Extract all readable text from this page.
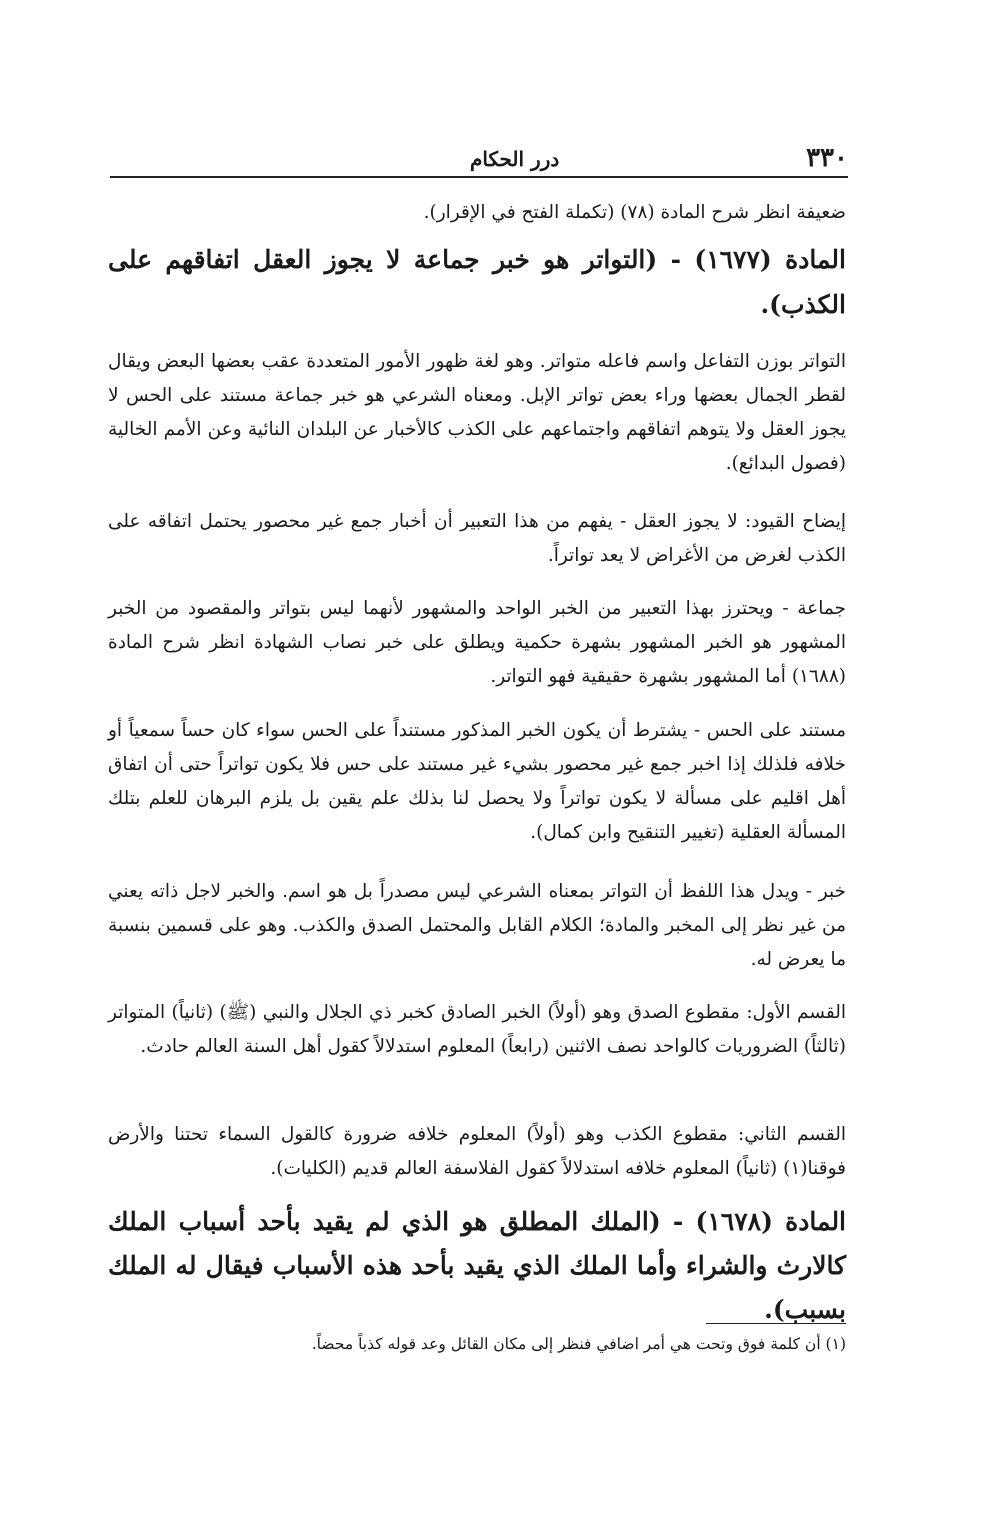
٣٣٠
درر الحكام

ضعيفة انظر شرح المادة (٧٨) (تكملة الفتح في الإقرار).

المادة (١٦٧٧) - (التواتر هو خبر جماعة لا يجوز العقل اتفاقهم على الكذب).

التواتر بوزن التفاعل واسم فاعله متواتر. وهو لغة ظهور الأمور المتعددة عقب بعضها البعض ويقال لقطر الجمال بعضها وراء بعض تواتر الإبل. ومعناه الشرعي هو خبر جماعة مستند على الحس لا يجوز العقل ولا يتوهم اتفاقهم واجتماعهم على الكذب كالأخبار عن البلدان النائية وعن الأمم الخالية (فصول البدائع).

إيضاح القيود: لا يجوز العقل - يفهم من هذا التعبير أن أخبار جمع غير محصور يحتمل اتفاقه على الكذب لغرض من الأغراض لا يعد تواتراً.

جماعة - ويحترز بهذا التعبير من الخبر الواحد والمشهور لأنهما ليس بتواتر والمقصود من الخبر المشهور هو الخبر المشهور بشهرة حكمية ويطلق على خبر نصاب الشهادة انظر شرح المادة (١٦٨٨) أما المشهور بشهرة حقيقية فهو التواتر.

مستند على الحس - يشترط أن يكون الخبر المذكور مستنداً على الحس سواء كان حساً سمعياً أو خلافه فلذلك إذا اخبر جمع غير محصور بشيء غير مستند على حس فلا يكون تواتراً حتى أن اتفاق أهل اقليم على مسألة لا يكون تواتراً ولا يحصل لنا بذلك علم يقين بل يلزم البرهان للعلم بتلك المسألة العقلية (تغيير التنقيح وابن كمال).

خبر - ويدل هذا اللفظ أن التواتر بمعناه الشرعي ليس مصدراً بل هو اسم. والخبر لاجل ذاته يعني من غير نظر إلى المخبر والمادة؛ الكلام القابل والمحتمل الصدق والكذب. وهو على قسمين بنسبة ما يعرض له.

القسم الأول: مقطوع الصدق وهو (أولاً) الخبر الصادق كخبر ذي الجلال والنبي (ﷺ) (ثانياً) المتواتر (ثالثاً) الضروريات كالواحد نصف الاثنين (رابعاً) المعلوم استدلالاً كقول أهل السنة العالم حادث.

القسم الثاني: مقطوع الكذب وهو (أولاً) المعلوم خلافه ضرورة كالقول السماء تحتنا والأرض فوقنا(١) (ثانياً) المعلوم خلافه استدلالاً كقول الفلاسفة العالم قديم (الكليات).

المادة (١٦٧٨) - (الملك المطلق هو الذي لم يقيد بأحد أسباب الملك كالارث والشراء وأما الملك الذي يقيد بأحد هذه الأسباب فيقال له الملك بسبب).

(١) أن كلمة فوق وتحت هي أمر اضافي فنظر إلى مكان القائل وعد قوله كذباً محضاً.
